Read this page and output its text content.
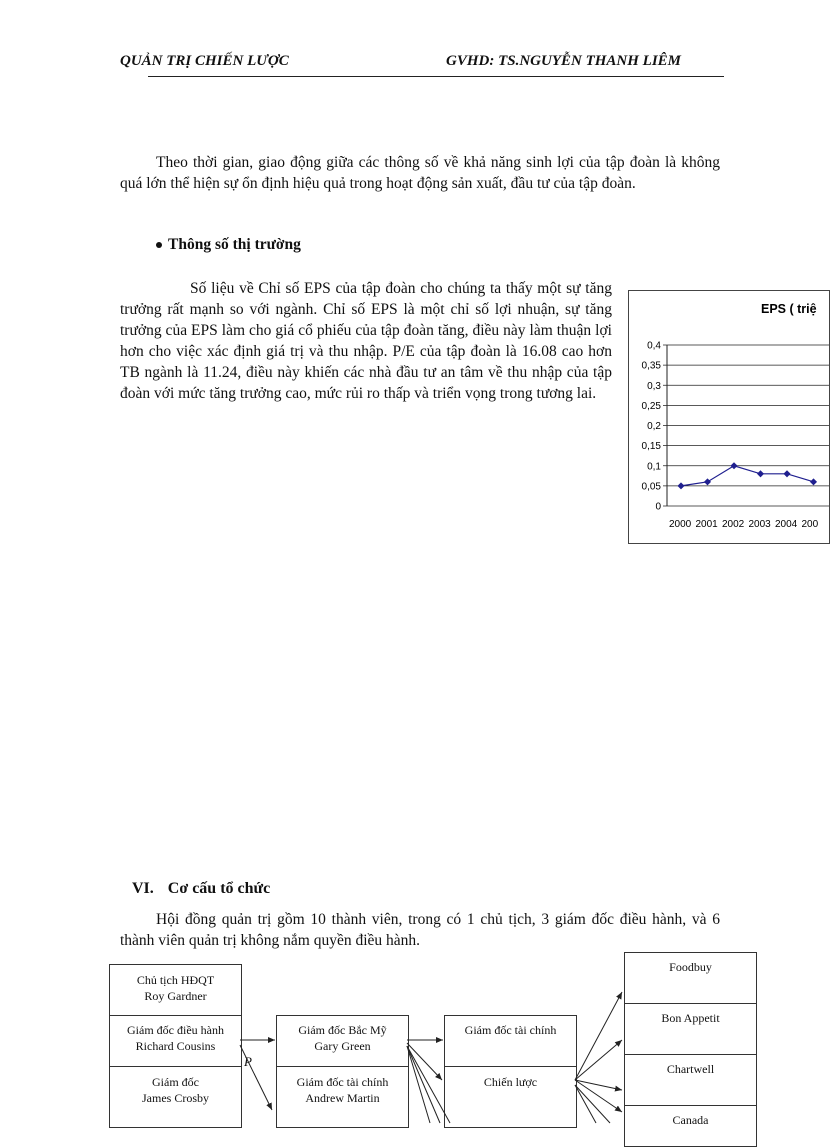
QUẢN TRỊ CHIẾN LƯỢC	GVHD: TS.NGUYỄN THANH LIÊM
Theo thời gian, giao động giữa các thông số về khả năng sinh lợi của tập đoàn là không quá lớn thể hiện sự ổn định hiệu quả trong hoạt động sản xuất, đầu tư của tập đoàn.
Thông số thị trường
Số liệu về Chỉ số EPS của tập đoàn cho chúng ta thấy một sự tăng trưởng rất mạnh so với ngành. Chỉ số EPS là một chỉ số lợi nhuận, sự tăng trưởng của EPS làm cho giá cổ phiếu của tập đoàn tăng, điều này làm thuận lợi hơn cho việc xác định giá trị và thu nhập. P/E của tập đoàn là 16.08 cao hơn TB ngành là 11.24, điều này khiến các nhà đầu tư an tâm về thu nhập của tập đoàn với mức tăng trưởng cao, mức rủi ro thấp và triển vọng trong tương lai.
EPS ( triệ
0
0,05
0,1
0,15
0,2
0,25
0,3
0,35
0,4
2000 2001 2002 2003 2004 200
VI. Cơ cấu tổ chức
Hội đồng quản trị gồm 10 thành viên, trong có 1 chủ tịch, 3 giám đốc điều hành, và 6 thành viên quản trị không nắm quyền điều hành.
Chủ tịch HĐQT
Roy Gardner
Giám đốc điều hành
Richard Cousins
Giám đốc
James Crosby
Giám đốc Bắc Mỹ
Gary Green
Giám đốc tài chính
Andrew Martin
Giám đốc tài chính
Chiến lược
Foodbuy
Bon Appetit
Chartwell
Canada
P
